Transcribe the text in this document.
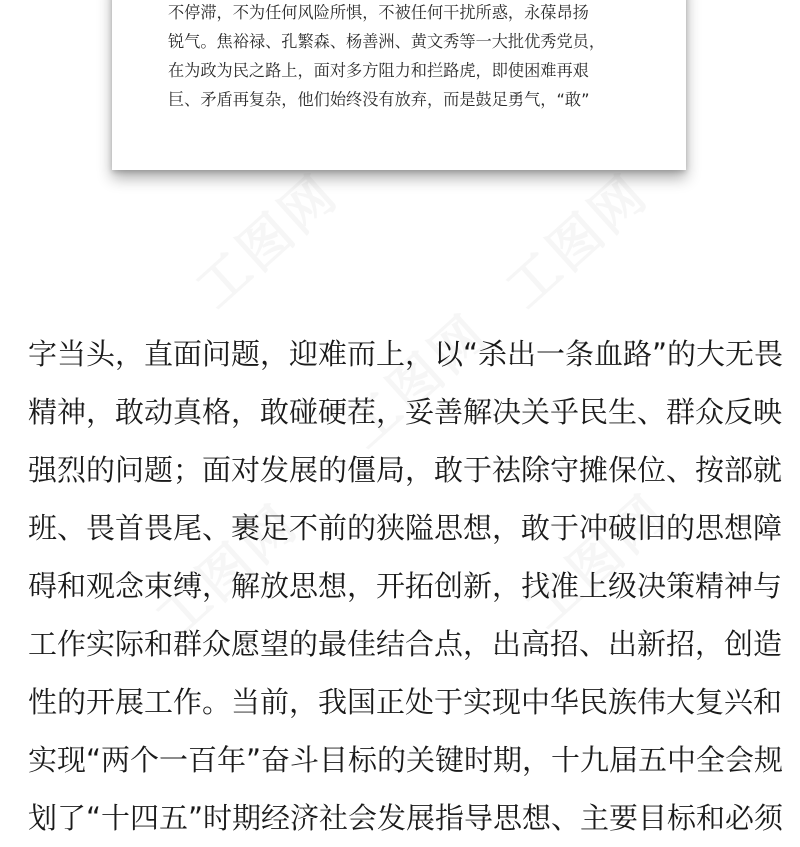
工图网	工图网
工图网
工图网	工图网
不停滞，不为任何风险所惧，不被任何干扰所惑，永葆昂扬
锐气。焦裕禄、孔繁森、杨善洲、黄文秀等一大批优秀党员，
在为政为民之路上，面对多方阻力和拦路虎，即使困难再艰
巨、矛盾再复杂，他们始终没有放弃，而是鼓足勇气，“敢”
字当头，直面问题，迎难而上，以“杀出一条血路”的大无畏
精神，敢动真格，敢碰硬茬，妥善解决关乎民生、群众反映
强烈的问题；面对发展的僵局，敢于祛除守摊保位、按部就
班、畏首畏尾、裹足不前的狭隘思想，敢于冲破旧的思想障
碍和观念束缚，解放思想，开拓创新，找准上级决策精神与
工作实际和群众愿望的最佳结合点，出高招、出新招，创造
性的开展工作。当前，我国正处于实现中华民族伟大复兴和
实现“两个一百年”奋斗目标的关键时期，十九届五中全会规
划了“十四五”时期经济社会发展指导思想、主要目标和必须
